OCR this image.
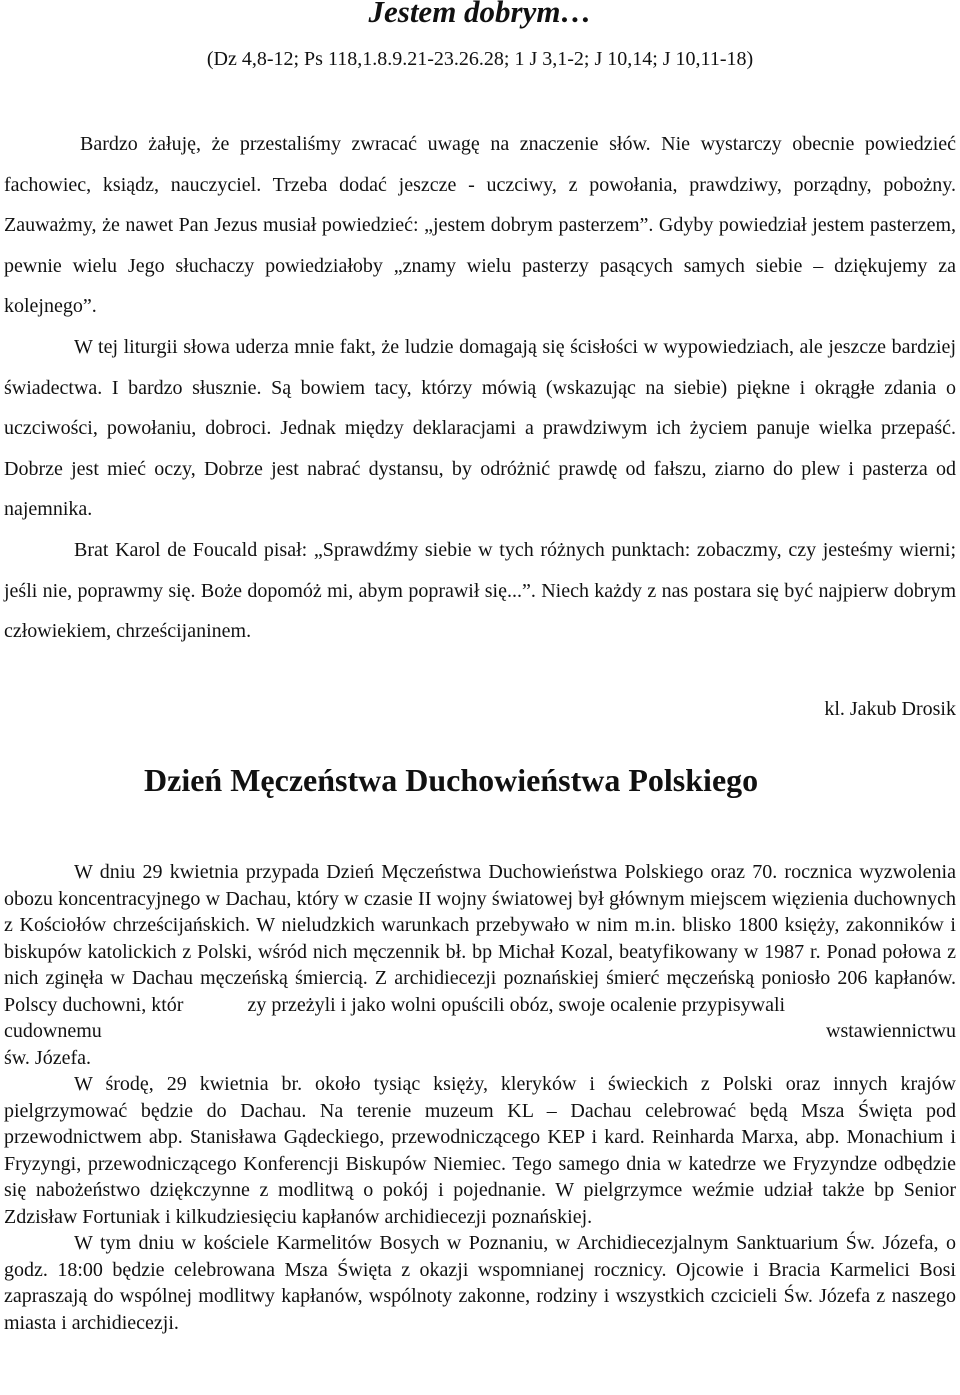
Jestem dobrym…

(Dz 4,8-12; Ps 118,1.8.9.21-23.26.28; 1 J 3,1-2; J 10,14; J 10,11-18)

Bardzo żałuję, że przestaliśmy zwracać uwagę na znaczenie słów. Nie wystarczy obecnie powiedzieć fachowiec, ksiądz, nauczyciel. Trzeba dodać jeszcze - uczciwy, z powołania, prawdziwy, porządny, pobożny. Zauważmy, że nawet Pan Jezus musiał powiedzieć: „jestem dobrym pasterzem”. Gdyby powiedział jestem pasterzem, pewnie wielu Jego słuchaczy powiedziałoby „znamy wielu pasterzy pasących samych siebie – dziękujemy za kolejnego”.

W tej liturgii słowa uderza mnie fakt, że ludzie domagają się ścisłości w wypowiedziach, ale jeszcze bardziej świadectwa. I bardzo słusznie. Są bowiem tacy, którzy mówią (wskazując na siebie) piękne i okrągłe zdania o uczciwości, powołaniu, dobroci. Jednak między deklaracjami a prawdziwym ich życiem panuje wielka przepaść. Dobrze jest mieć oczy, Dobrze jest nabrać dystansu, by odróżnić prawdę od fałszu, ziarno do plew i pasterza od najemnika.

Brat Karol de Foucald pisał: „Sprawdźmy siebie w tych różnych punktach: zobaczmy, czy jesteśmy wierni; jeśli nie, poprawmy się. Boże dopomóż mi, abym poprawił się...”. Niech każdy z nas postara się być najpierw dobrym człowiekiem, chrześcijaninem.

kl. Jakub Drosik
Dzień Męczeństwa Duchowieństwa Polskiego

W dniu 29 kwietnia przypada Dzień Męczeństwa Duchowieństwa Polskiego oraz 70. rocznica wyzwolenia obozu koncentracyjnego w Dachau, który w czasie II wojny światowej był głównym miejscem więzienia duchownych z Kościołów chrześcijańskich. W nieludzkich warunkach przebywało w nim m.in. blisko 1800 księży, zakonników i biskupów katolickich z Polski, wśród nich męczennik bł. bp Michał Kozal, beatyfikowany w 1987 r. Ponad połowa z nich zginęła w Dachau męczeńską śmiercią. Z archidiecezji poznańskiej śmierć męczeńską poniosło 206 kapłanów. Polscy duchowni, któr	zy przeżyli i jako wolni opuścili obóz, swoje ocalenie przypisywali

cudownemu	wstawiennictwu

św. Józefa.

W środę, 29 kwietnia br. około tysiąc księży, kleryków i świeckich z Polski oraz innych krajów pielgrzymować będzie do Dachau. Na terenie muzeum KL – Dachau celebrować będą Msza Święta pod przewodnictwem abp. Stanisława Gądeckiego, przewodniczącego KEP i kard. Reinharda Marxa, abp. Monachium i Fryzyngi, przewodniczącego Konferencji Biskupów Niemiec. Tego samego dnia w katedrze we Fryzyndze odbędzie się nabożeństwo dziękczynne z modlitwą o pokój i pojednanie. W pielgrzymce weźmie udział także bp Senior Zdzisław Fortuniak i kilkudziesięciu kapłanów archidiecezji poznańskiej.

W tym dniu w kościele Karmelitów Bosych w Poznaniu, w Archidiecezjalnym Sanktuarium Św. Józefa, o godz. 18:00 będzie celebrowana Msza Święta z okazji wspomnianej rocznicy. Ojcowie i Bracia Karmelici Bosi zapraszają do wspólnej modlitwy kapłanów, wspólnoty zakonne, rodziny i wszystkich czcicieli Św. Józefa z naszego miasta i archidiecezji.
